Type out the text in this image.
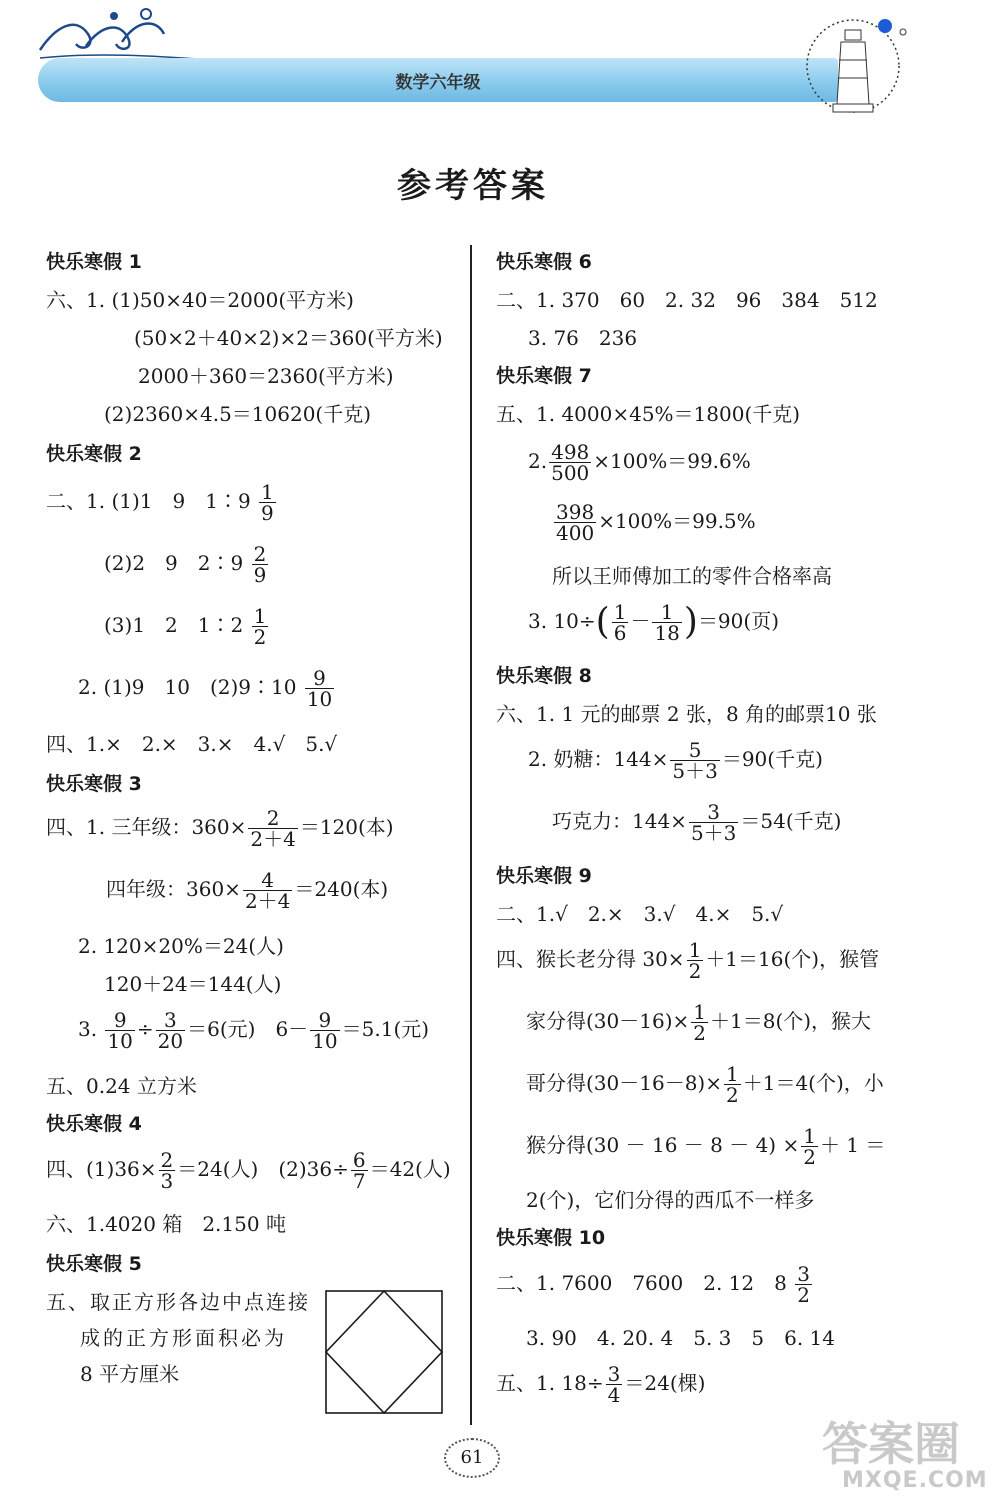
数学六年级
参考答案
快乐寒假 1
六、1. (1)50×40＝2000(平方米)
(50×2＋40×2)×2＝360(平方米)
2000＋360＝2360(平方米)
(2)2360×4.5＝10620(千克)
快乐寒假 2
二、1. (1)1　9　1∶9 $\frac{1}{9}$
(2)2　9　2∶9 $\frac{2}{9}$
(3)1　2　1∶2 $\frac{1}{2}$
2. (1)9　10　(2)9∶10 $\frac{9}{10}$
四、1.×　2.×　3.×　4.√　5.√
快乐寒假 3
四、1. 三年级：$360\times \frac{2}{2+4} =120$(本)
四年级：$360\times \frac{4}{2+4} =240$(本)
2. 120×20%＝24(人)
120＋24＝144(人)
3. $\frac{9}{10} \div \frac{3}{20} =6$(元)　$6- \frac{9}{10} =5.1$(元)
五、0.24 立方米
快乐寒假 4
四、$(1)36\times \frac{2}{3} =24$(人)　$(2)36\div \frac{6}{7} =42$(人)
六、1.4020 箱　2.150 吨
快乐寒假 5
五、取正方形各边中点连接
成的正方形面积必为
8 平方厘米
快乐寒假 6
二、1. 370　60　2. 32　96　384　512
3. 76　236
快乐寒假 7
五、1. 4000×45%＝1800(千克)
2. $\frac{498}{500} \times 100\%=99.6\%$
$\frac{398}{400} \times 100\%=99.5\%$
所以王师傅加工的零件合格率高
3. $10\div( \frac{1}{6} - \frac{1}{18} )=90$(页)
快乐寒假 8
六、1. 1 元的邮票 2 张，8 角的邮票10 张
2. 奶糖：$144\times \frac{5}{5+3} =90$(千克)
巧克力：$144\times \frac{3}{5+3} =54$(千克)
快乐寒假 9
二、1.√　2.×　3.√　4.×　5.√
四、猴长老分得 $30\times \frac{1}{2} +1=16$(个)，猴管
家分得$(30-16)\times \frac{1}{2} +1=8$(个)，猴大
哥分得$(30-16-8)\times \frac{1}{2} +1=4$(个)，小
猴分得$(30 - 16 - 8 - 4) \times \frac{1}{2} + 1$ ＝
2(个)，它们分得的西瓜不一样多
快乐寒假 10
二、1. 7600　7600　2. 12　$8 \frac{3}{2}$
3. 90　4. 20. 4　5. 3　5　6. 14
五、1. $18\div \frac{3}{4} =24$(棵)
61	答案圈
MXQE.COM
